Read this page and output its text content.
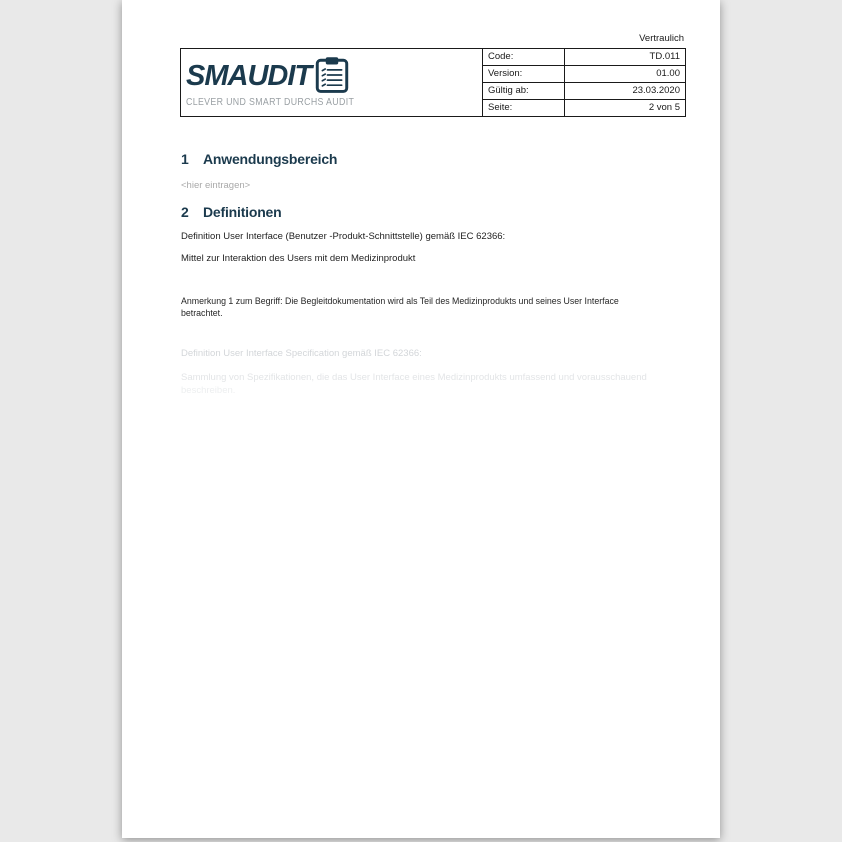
Vertraulich
SMAUDIT
CLEVER UND SMART DURCHS AUDIT	Code:	TD.011
	Version:	01.00
	Gültig ab:	23.03.2020
	Seite:	2 von 5
1 Anwendungsbereich
<hier eintragen>
2 Definitionen
Definition User Interface (Benutzer -Produkt-Schnittstelle) gemäß IEC 62366:
Mittel zur Interaktion des Users mit dem Medizinprodukt
Anmerkung 1 zum Begriff: Die Begleitdokumentation wird als Teil des Medizinprodukts und seines User Interface
betrachtet.
Definition User Interface Specification gemäß IEC 62366:
Sammlung von Spezifikationen, die das User Interface eines Medizinprodukts umfassend und vorausschauend
beschreiben.
